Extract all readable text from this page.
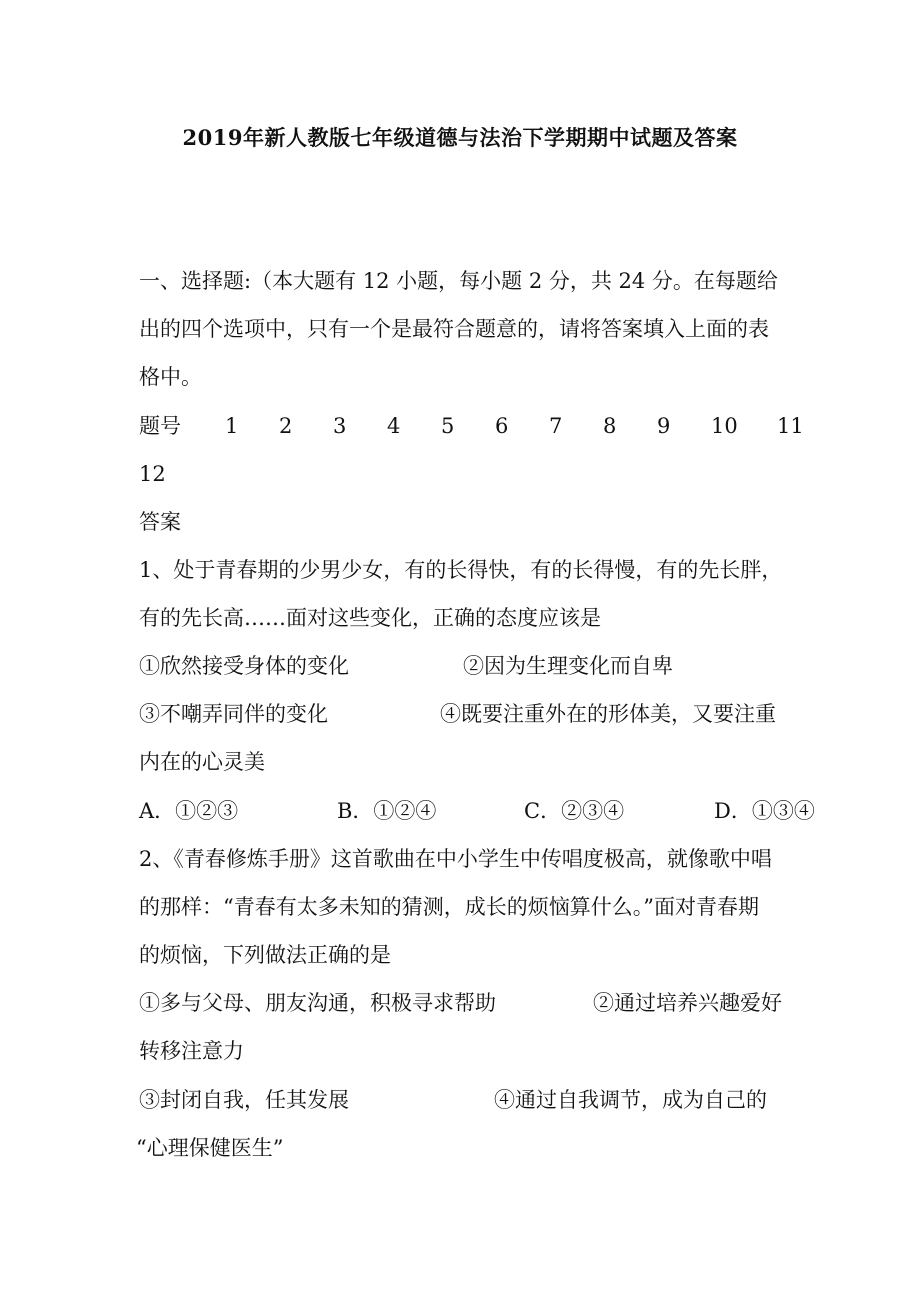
2019年新人教版七年级道德与法治下学期期中试题及答案
一、选择题:（本大题有 12 小题，每小题 2 分，共 24 分。在每题给
出的四个选项中，只有一个是最符合题意的，请将答案填入上面的表
格中。
题号 1 2 3 4 5 6 7 8 9 10 11
12
答案
1、处于青春期的少男少女，有的长得快，有的长得慢，有的先长胖，
有的先长高……面对这些变化，正确的态度应该是
①欣然接受身体的变化	②因为生理变化而自卑
③不嘲弄同伴的变化	④既要注重外在的形体美，又要注重
内在的心灵美
A．①②③	B．①②④	C．②③④	D．①③④
2、《青春修炼手册》这首歌曲在中小学生中传唱度极高，就像歌中唱
的那样：“青春有太多未知的猜测，成长的烦恼算什么。”面对青春期
的烦恼，下列做法正确的是
①多与父母、朋友沟通，积极寻求帮助	②通过培养兴趣爱好
转移注意力
③封闭自我，任其发展	④通过自我调节，成为自己的
“心理保健医生”
